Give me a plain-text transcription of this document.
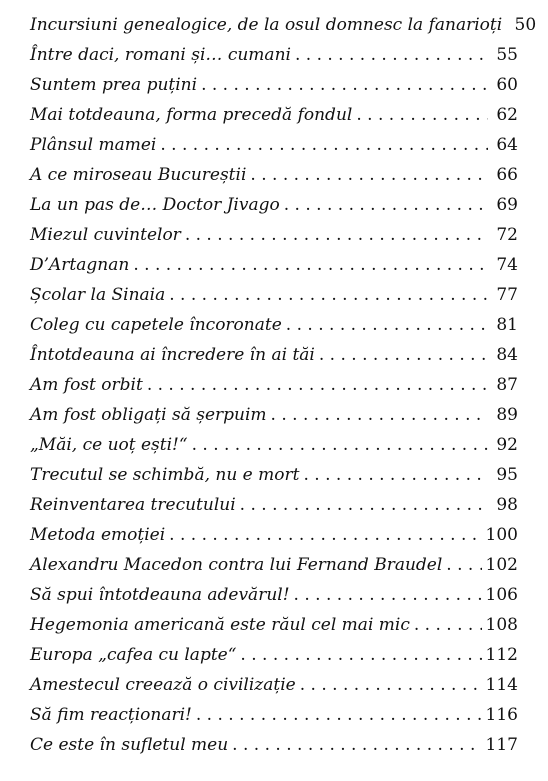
Incursiuni genealogice, de la osul domnesc la fanarioți 50
Între daci, romani și… cumani . . .	55
Suntem prea puțini . . .	60
Mai totdeauna, forma precedă fondul . . .	62
Plânsul mamei . . .	64
A ce miroseau Bucureștii . . .	66
La un pas de… Doctor Jivago . . .	69
Miezul cuvintelor . . .	72
D’Artagnan . . .	74
Școlar la Sinaia . . .	77
Coleg cu capetele încoronate . . .	81
Întotdeauna ai încredere în ai tăi . . .	84
Am fost orbit . . .	87
Am fost obligați să șerpuim . . .	89
„Măi, ce uoț ești!“ . . .	92
Trecutul se schimbă, nu e mort . . .	95
Reinventarea trecutului . . .	98
Metoda emoției . . .	100
Alexandru Macedon contra lui Fernand Braudel . . .	102
Să spui întotdeauna adevărul! . . .	106
Hegemonia americană este răul cel mai mic . . .	108
Europa „cafea cu lapte“ . . .	112
Amestecul creează o civilizație . . .	114
Să fim reacționari! . . .	116
Ce este în sufletul meu . . .	117
